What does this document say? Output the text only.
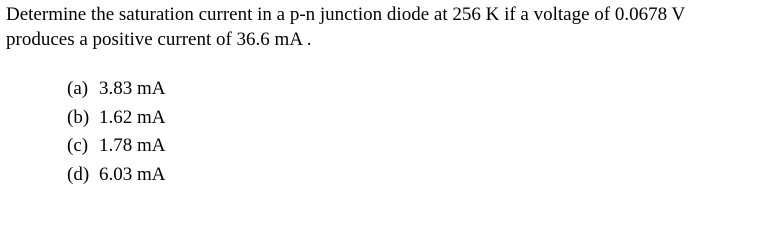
Determine the saturation current in a p-n junction diode at 256 K if a voltage of 0.0678 V
produces a positive current of 36.6 mA .
(a) 3.83 mA
(b) 1.62 mA
(c) 1.78 mA
(d) 6.03 mA
